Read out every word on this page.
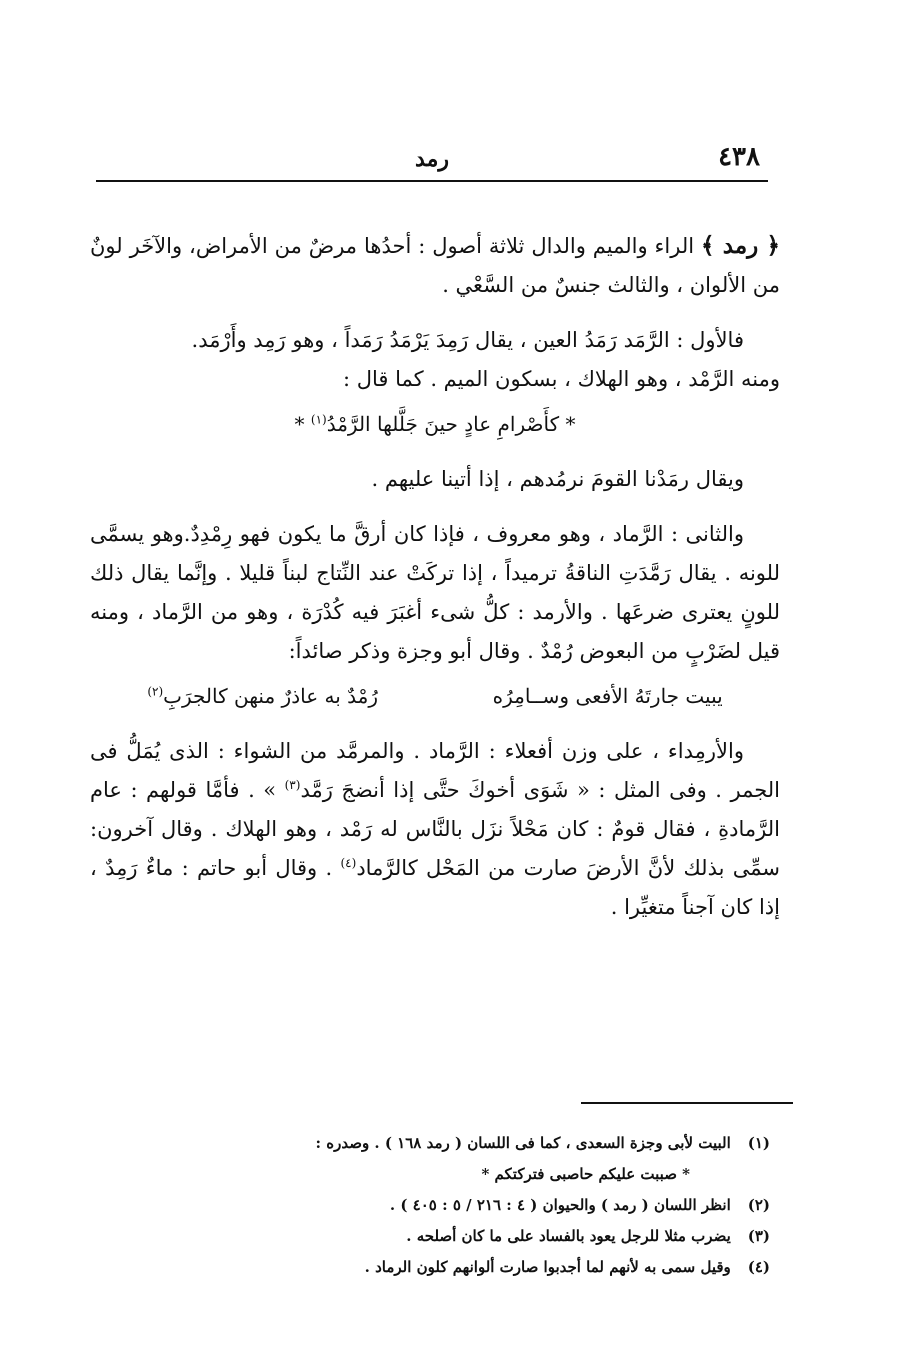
٤٣٨
رمد

﴿ رمد ﴾ الراء والميم والدال ثلاثة أصول : أحدُها مرضٌ من الأمراض، والآخَر لونٌ من الألوان ، والثالث جنسٌ من السَّعْي .

فالأول : الرَّمَد رَمَدُ العين ، يقال رَمِدَ يَرْمَدُ رَمَداً ، وهو رَمِد وأَرْمَد.

ومنه الرَّمْد ، وهو الهلاك ، بسكون الميم . كما قال :

* كأَصْرامِ عادٍ حينَ جَلَّلها الرَّمْدُ$^{(١)}$ *

ويقال رمَدْنا القومَ نرمُدهم ، إذا أتينا عليهم .

والثانى : الرَّماد ، وهو معروف ، فإذا كان أرقَّ ما يكون فهو رِمْدِدٌ.وهو يسمَّى للونه . يقال رَمَّدَتِ الناقةُ ترميداً ، إذا تركَتْ عند النِّتاج لبناً قليلا . وإنَّما يقال ذلك للونٍ يعترى ضرعَها . والأرمد : كلُّ شىء أغبَرَ فيه كُدْرَة ، وهو من الرَّماد ، ومنه قيل لضَرْبٍ من البعوض رُمْدٌ . وقال أبو وجزة وذكر صائداً:

يبيت جارتَهُ الأفعى وســامِرُه
رُمْدٌ به عاذرٌ منهن كالجرَبِ$^{(٢)}$

والأرمِداء ، على وزن أفعلاء : الرَّماد . والمرمَّد من الشواء : الذى يُمَلُّ فى الجمر . وفى المثل : « شَوَى أخوكَ حتَّى إذا أنضجَ رَمَّد$^{(٣)}$ » . فأمَّا قولهم : عام الرَّمادةِ ، فقال قومٌ : كان مَحْلاً نزَل بالنَّاس له رَمْد ، وهو الهلاك . وقال آخرون: سمِّى بذلك لأنَّ الأرضَ صارت من المَحْل كالرَّماد$^{(٤)}$ . وقال أبو حاتم : ماءٌ رَمِدٌ ، إذا كان آجناً متغيِّرا .

(١) البيت لأبى وجزة السعدى ، كما فى اللسان ( رمد ١٦٨ ) . وصدره :

* صببت عليكم حاصبى فتركتكم *

(٢) انظر اللسان ( رمد ) والحيوان ( ٤ : ٢١٦ / ٥ : ٤٠٥ ) .

(٣) يضرب مثلا للرجل يعود بالفساد على ما كان أصلحه .

(٤) وقيل سمى به لأنهم لما أجدبوا صارت ألوانهم كلون الرماد .
